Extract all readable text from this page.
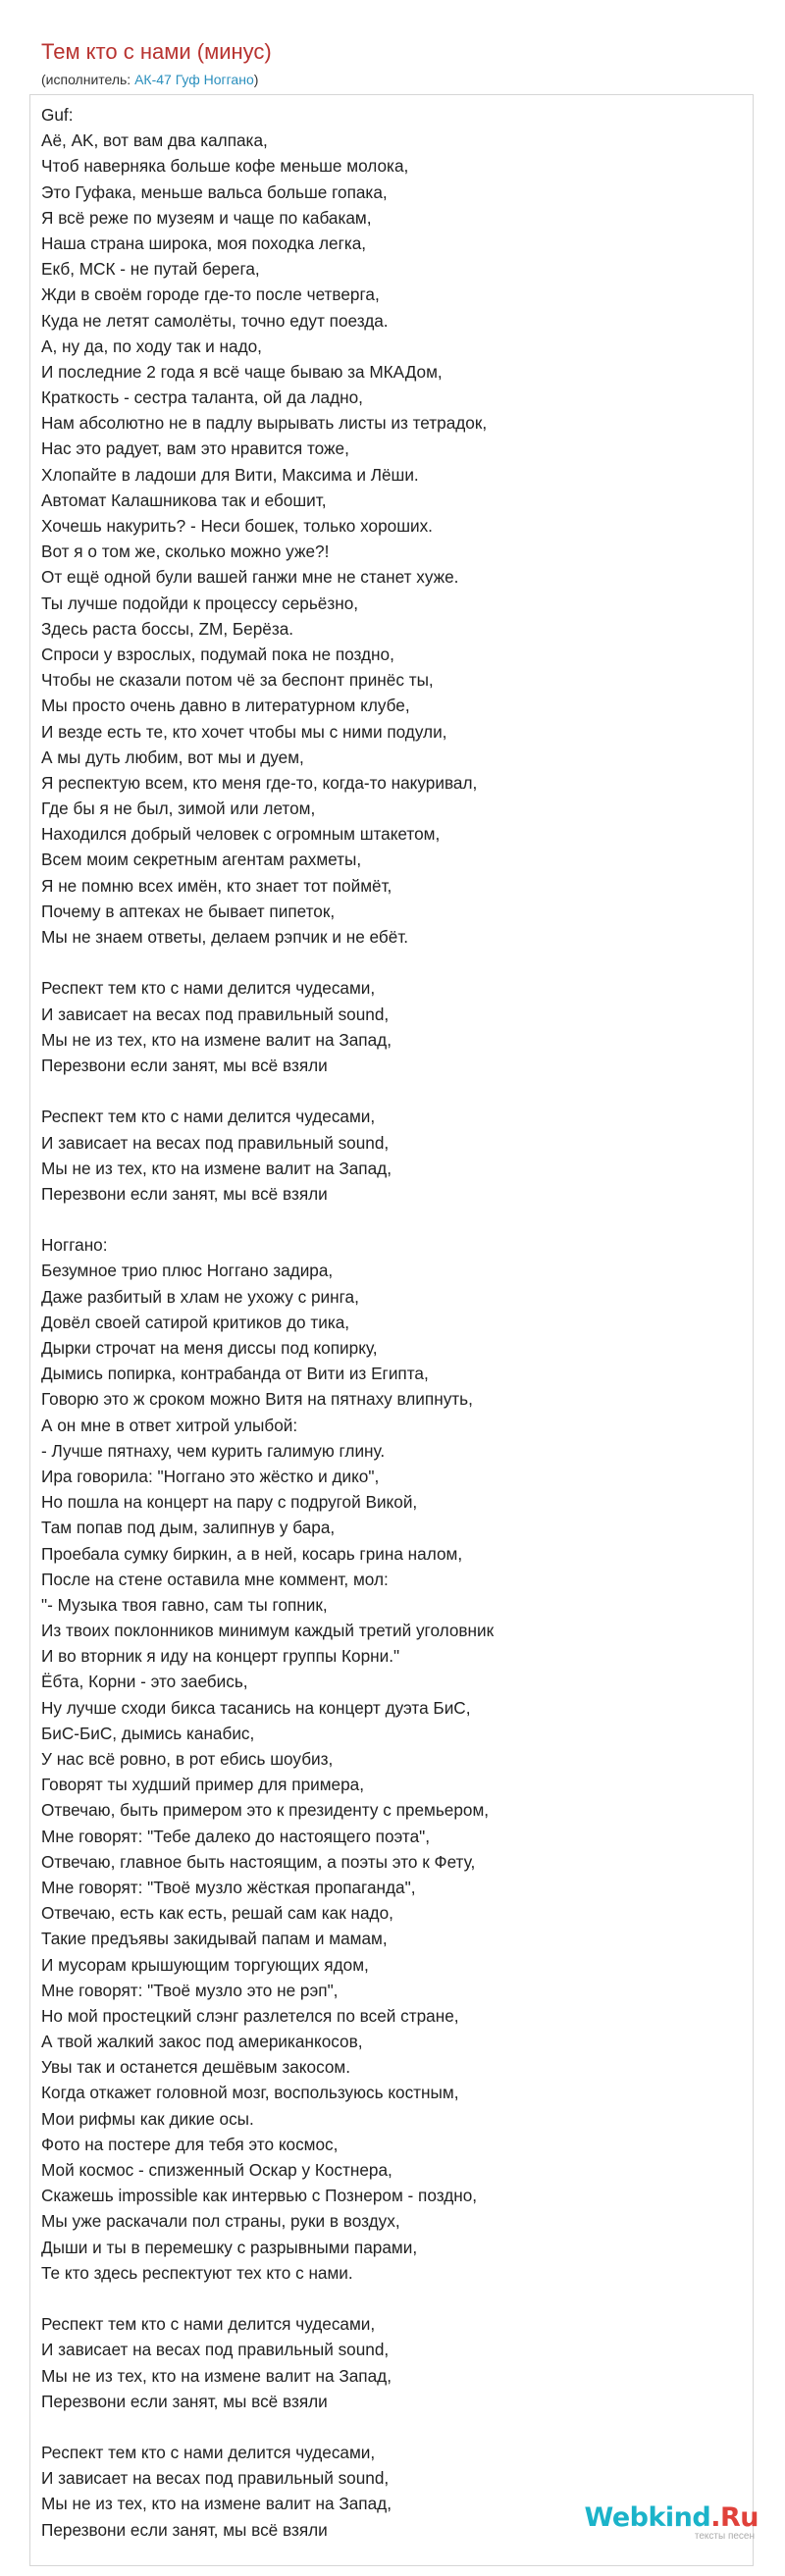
Тем кто с нами (минус)
(исполнитель: АК-47 Гуф Ноггано)
Guf:
Аё, AK, вот вам два калпака,
Чтоб наверняка больше кофе меньше молока,
Это Гуфака, меньше вальса больше гопака,
Я всё реже по музеям и чаще по кабакам,
Наша страна широка, моя походка легка,
Екб, МСК - не путай берега,
Жди в своём городе где-то после четверга,
Куда не летят самолёты, точно едут поезда.
А, ну да, по ходу так и надо,
И последние 2 года я всё чаще бываю за МКАДом,
Краткость - сестра таланта, ой да ладно,
Нам абсолютно не в падлу вырывать листы из тетрадок,
Нас это радует, вам это нравится тоже,
Хлопайте в ладоши для Вити, Максима и Лёши.
Автомат Калашникова так и ебошит,
Хочешь накурить? - Неси бошек, только хороших.
Вот я о том же, сколько можно уже?!
От ещё одной були вашей ганжи мне не станет хуже.
Ты лучше подойди к процессу серьёзно,
Здесь раста боссы, ZM, Берёза.
Спроси у взрослых, подумай пока не поздно,
Чтобы не сказали потом чё за беспонт принёс ты,
Мы просто очень давно в литературном клубе,
И везде есть те, кто хочет чтобы мы с ними подули,
А мы дуть любим, вот мы и дуем,
Я респектую всем, кто меня где-то, когда-то накуривал,
Где бы я не был, зимой или летом,
Находился добрый человек с огромным штакетом,
Всем моим секретным агентам рахметы,
Я не помню всех имён, кто знает тот поймёт,
Почему в аптеках не бывает пипеток,
Мы не знаем ответы, делаем рэпчик и не ебёт.
Респект тем кто с нами делится чудесами,
И зависает на весах под правильный sound,
Мы не из тех, кто на измене валит на Запад,
Перезвони если занят, мы всё взяли
Респект тем кто с нами делится чудесами,
И зависает на весах под правильный sound,
Мы не из тех, кто на измене валит на Запад,
Перезвони если занят, мы всё взяли
Ноггано:
Безумное трио плюс Ноггано задира,
Даже разбитый в хлам не ухожу с ринга,
Довёл своей сатирой критиков до тика,
Дырки строчат на меня диссы под копирку,
Дымись попирка, контрабанда от Вити из Египта,
Говорю это ж сроком можно Витя на пятнаху влипнуть,
А он мне в ответ хитрой улыбой:
- Лучше пятнаху, чем курить галимую глину.
Ира говорила: "Ноггано это жёстко и дико",
Но пошла на концерт на пару с подругой Викой,
Там попав под дым, залипнув у бара,
Проебала сумку биркин, а в ней, косарь грина налом,
После на стене оставила мне коммент, мол:
"- Музыка твоя гавно, сам ты гопник,
Из твоих поклонников минимум каждый третий уголовник
И во вторник я иду на концерт группы Корни."
Ёбта, Корни - это заебись,
Ну лучше сходи бикса тасанись на концерт дуэта БиС,
БиС-БиС, дымись канабис,
У нас всё ровно, в рот ебись шоубиз,
Говорят ты худший пример для примера,
Отвечаю, быть примером это к президенту с премьером,
Мне говорят: "Тебе далеко до настоящего поэта",
Отвечаю, главное быть настоящим, а поэты это к Фету,
Мне говорят: "Твоё музло жёсткая пропаганда",
Отвечаю, есть как есть, решай сам как надо,
Такие предъявы закидывай папам и мамам,
И мусорам крышующим торгующих ядом,
Мне говорят: "Твоё музло это не рэп",
Но мой простецкий слэнг разлетелся по всей стране,
А твой жалкий закос под американкосов,
Увы так и останется дешёвым закосом.
Когда откажет головной мозг, воспользуюсь костным,
Мои рифмы как дикие осы.
Фото на постере для тебя это космос,
Мой космос - спизженный Оскар у Костнера,
Скажешь impossible как интервью с Познером - поздно,
Мы уже раскачали пол страны, руки в воздух,
Дыши и ты в перемешку с разрывными парами,
Те кто здесь респектуют тех кто с нами.
Респект тем кто с нами делится чудесами,
И зависает на весах под правильный sound,
Мы не из тех, кто на измене валит на Запад,
Перезвони если занят, мы всё взяли
Респект тем кто с нами делится чудесами,
И зависает на весах под правильный sound,
Мы не из тех, кто на измене валит на Запад,
Перезвони если занят, мы всё взяли	Webkind.Ru
тексты песен
